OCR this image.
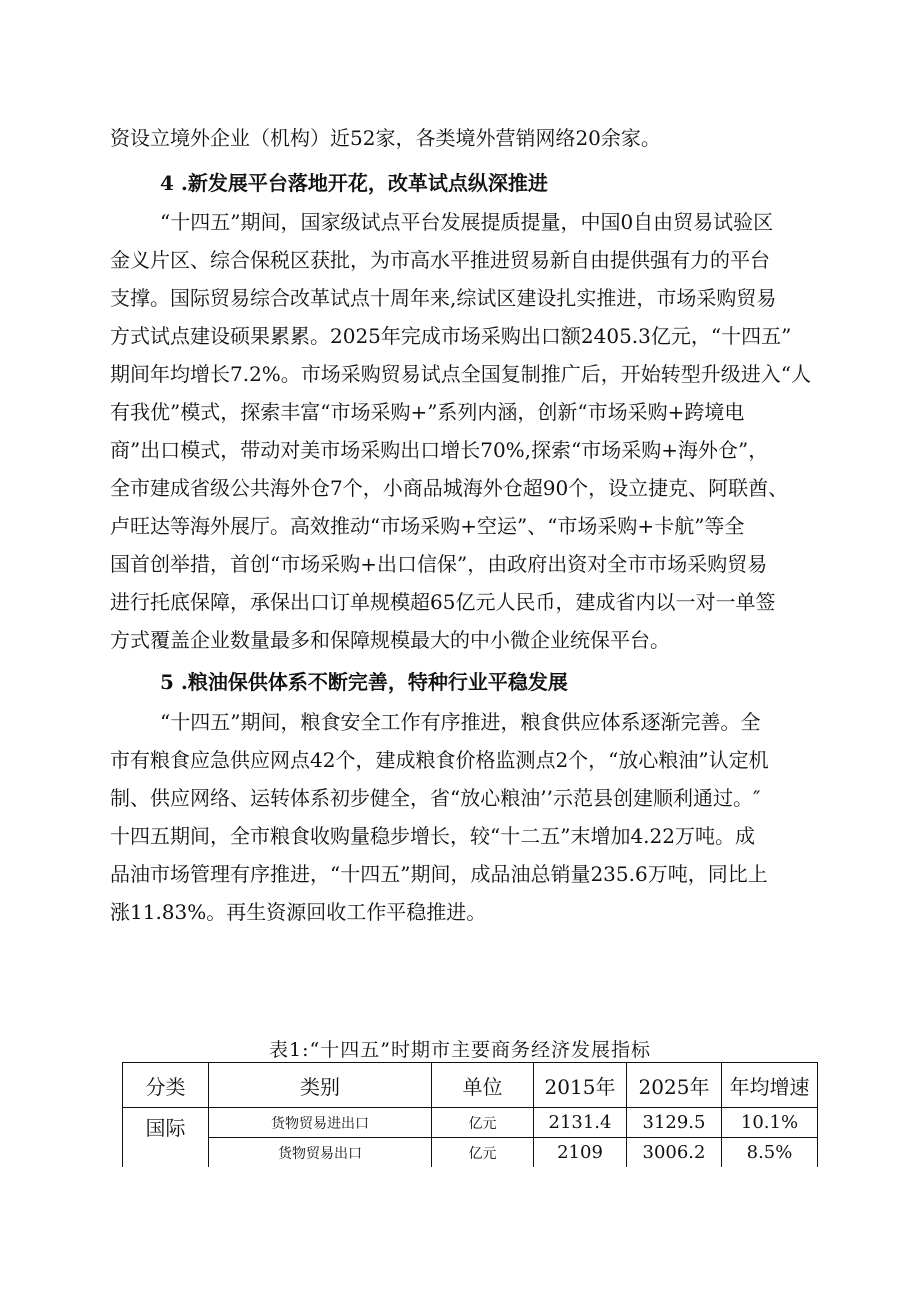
资设立境外企业（机构）近52家，各类境外营销网络20余家。
4 .新发展平台落地开花，改革试点纵深推进
“十四五”期间，国家级试点平台发展提质提量，中国0自由贸易试验区
金义片区、综合保税区获批，为市高水平推进贸易新自由提供强有力的平台
支撑。国际贸易综合改革试点十周年来,综试区建设扎实推进，市场采购贸易
方式试点建设硕果累累。2025年完成市场采购出口额2405.3亿元，“十四五”
期间年均增长7.2%。市场采购贸易试点全国复制推广后，开始转型升级进入“人
有我优”模式，探索丰富“市场采购+”系列内涵，创新“市场采购+跨境电
商”出口模式，带动对美市场采购出口增长70%,探索“市场采购+海外仓”，
全市建成省级公共海外仓7个，小商品城海外仓超90个，设立捷克、阿联酋、
卢旺达等海外展厅。高效推动“市场采购+空运”、“市场采购+卡航”等全
国首创举措，首创“市场采购+出口信保”，由政府出资对全市市场采购贸易
进行托底保障，承保出口订单规模超65亿元人民币，建成省内以一对一单签
方式覆盖企业数量最多和保障规模最大的中小微企业统保平台。
5 .粮油保供体系不断完善，特种行业平稳发展
“十四五”期间，粮食安全工作有序推进，粮食供应体系逐渐完善。全
市有粮食应急供应网点42个，建成粮食价格监测点2个，“放心粮油”认定机
制、供应网络、运转体系初步健全，省“放心粮油’’示范县创建顺利通过。″
十四五期间，全市粮食收购量稳步增长，较“十二五”末增加4.22万吨。成
品油市场管理有序推进，“十四五”期间，成品油总销量235.6万吨，同比上
涨11.83%。再生资源回收工作平稳推进。
表1:“十四五”时期市主要商务经济发展指标
分类	类别	单位	2015年	2025年	年均增速
国际	货物贸易进出口	亿元	2131.4	3129.5	10.1%
	货物贸易出口	亿元	2109	3006.2	8.5%
